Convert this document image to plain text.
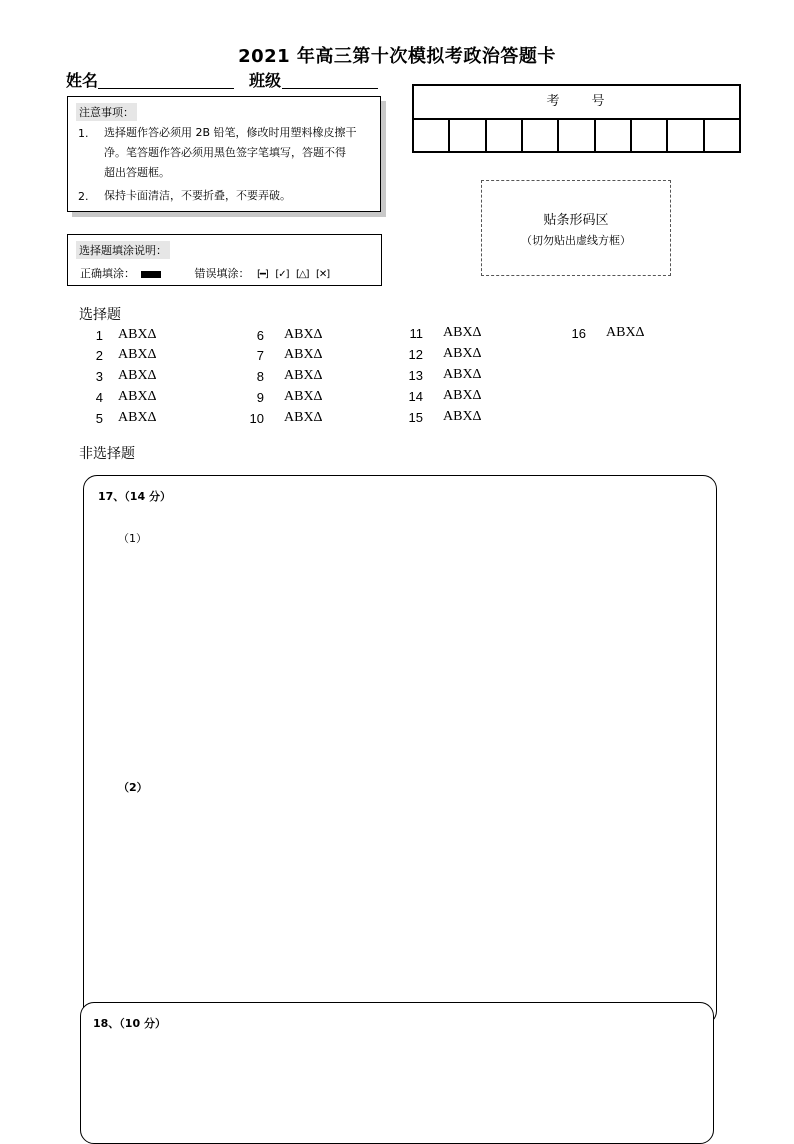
2021 年高三第十次模拟考政治答题卡
姓名	班级
注意事项：
1. 选择题作答必须用 2B 铅笔，修改时用塑料橡皮擦干
净。笔答题作答必须用黑色签字笔填写，答题不得
超出答题框。
2. 保持卡面清洁，不要折叠，不要弄破。
选择题填涂说明：
正确填涂：	错误填涂： [━] [✓] [△] [✕]
考　　号
贴条形码区
（切勿贴出虚线方框）
选择题
1 ABXΔ
2 ABXΔ
3 ABXΔ
4 ABXΔ
5 ABXΔ
6 ABXΔ
7 ABXΔ
8 ABXΔ
9 ABXΔ
10 ABXΔ
11 ABXΔ
12 ABXΔ
13 ABXΔ
14 ABXΔ
15 ABXΔ
16 ABXΔ
非选择题
17、（14 分）
（1）
（2）
18、（10 分）
